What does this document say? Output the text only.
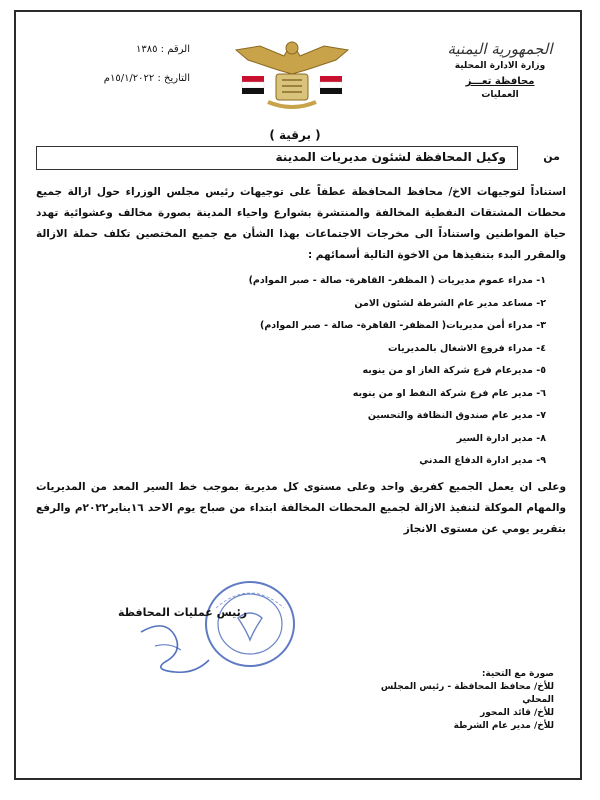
الجمهورية اليمنية
وزارة الادارة المحلية
محافظة تعـــز
العمليات
الرقم : ١٣٨٥
التاريخ : ١٥/١/٢٠٢٢م
( برقية )
من
وكيل المحافظة لشئون مديريات المدينة
استناداً لتوجيهات الاخ/ محافظ المحافظة عطفاً على توجيهات رئيس مجلس الوزراء حول ازالة جميع محطات المشتقات النفطية المخالفة والمنتشرة بشوارع واحياء المدينة بصورة مخالف وعشوائية تهدد حياة المواطنين واستناداً الى مخرجات الاجتماعات بهذا الشأن مع جميع المختصين تكلف حملة الازالة والمقرر البدء بتنفيذها من الاخوة التالية أسمائهم :
١- مدراء عموم مديريات ( المظفر- القاهرة- صالة - صبر الموادم)
٢- مساعد مدير عام الشرطة لشئون الامن
٣- مدراء أمن مديريات( المظفر- القاهرة- صالة - صبر الموادم)
٤- مدراء فروع الاشغال بالمديريات
٥- مديرعام فرع شركة الغاز او من ينوبه
٦- مدير عام فرع شركة النفط او من ينوبه
٧- مدير عام صندوق النظافة والتحسين
٨- مدير ادارة السير
٩- مدير ادارة الدفاع المدني
وعلى ان يعمل الجميع كفريق واحد وعلى مستوى كل مديرية بموجب خط السير المعد من المديريات والمهام الموكلة لتنفيذ الازالة لجميع المحطات المخالفة ابتداء من صباح يوم الاحد ١٦يناير٢٠٢٢م والرفع بتقرير يومي عن مستوى الانجاز
رئيس عمليات المحافظة
صورة مع التحية:
للأخ/ محافظ المحافظة - رئيس المجلس المحلي
للأخ/ قائد المحور
للأخ/ مدير عام الشرطة
